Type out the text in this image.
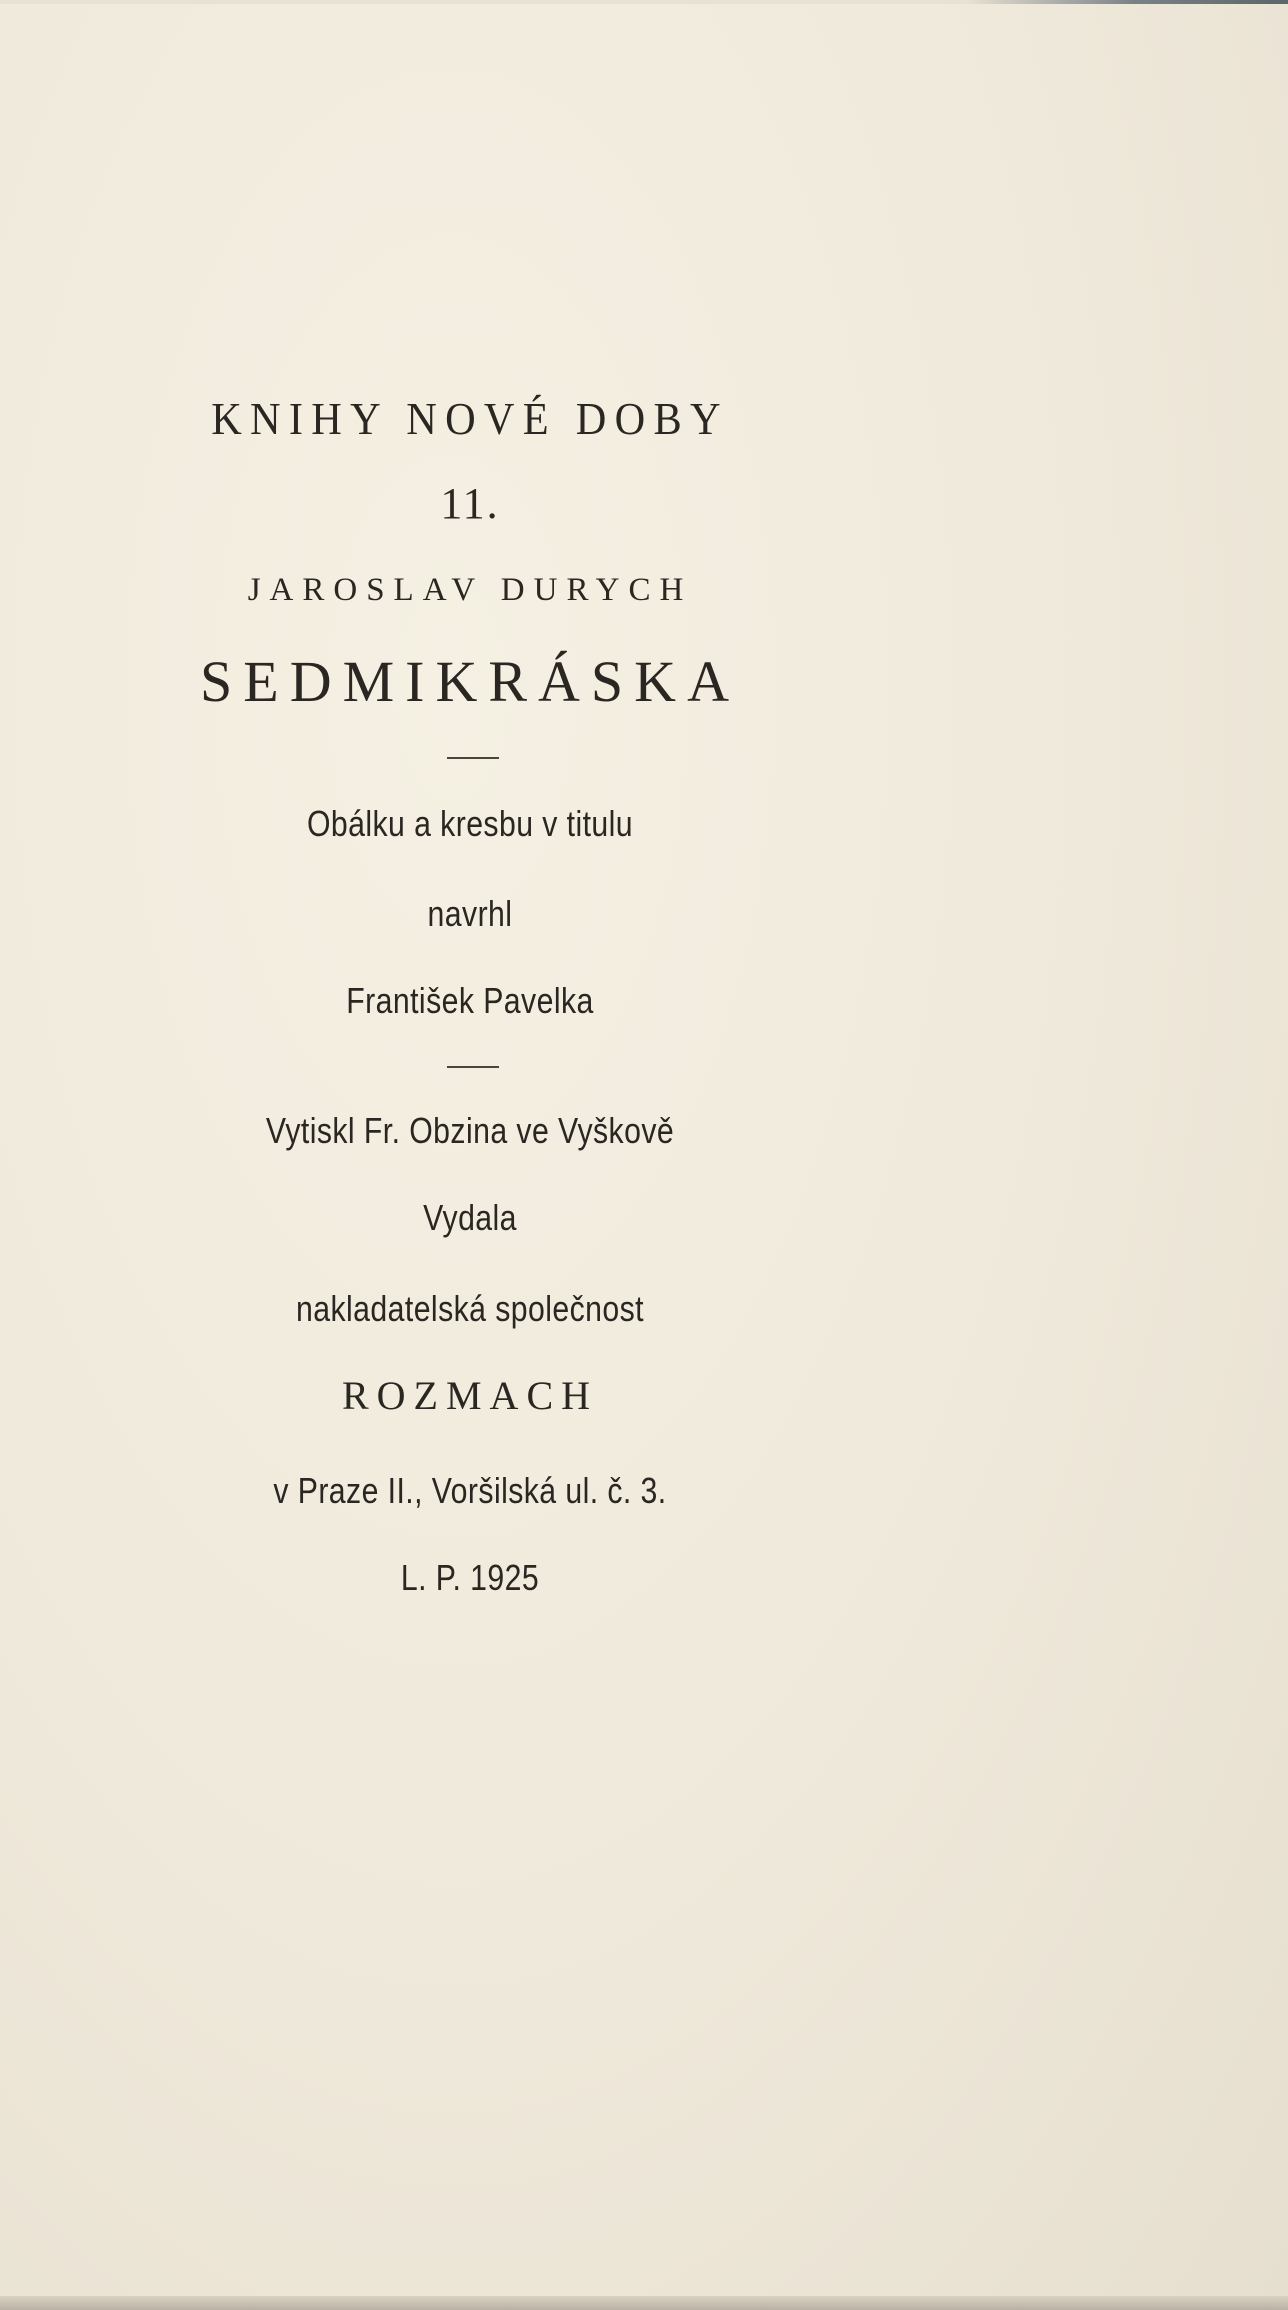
KNIHY NOVÉ DOBY
11.
JAROSLAV DURYCH
SEDMIKRÁSKA
Obálku a kresbu v titulu
navrhl
František Pavelka
Vytiskl Fr. Obzina ve Vyškově
Vydala
nakladatelská společnost
ROZMACH
v Praze II., Voršilská ul. č. 3.
L. P. 1925
